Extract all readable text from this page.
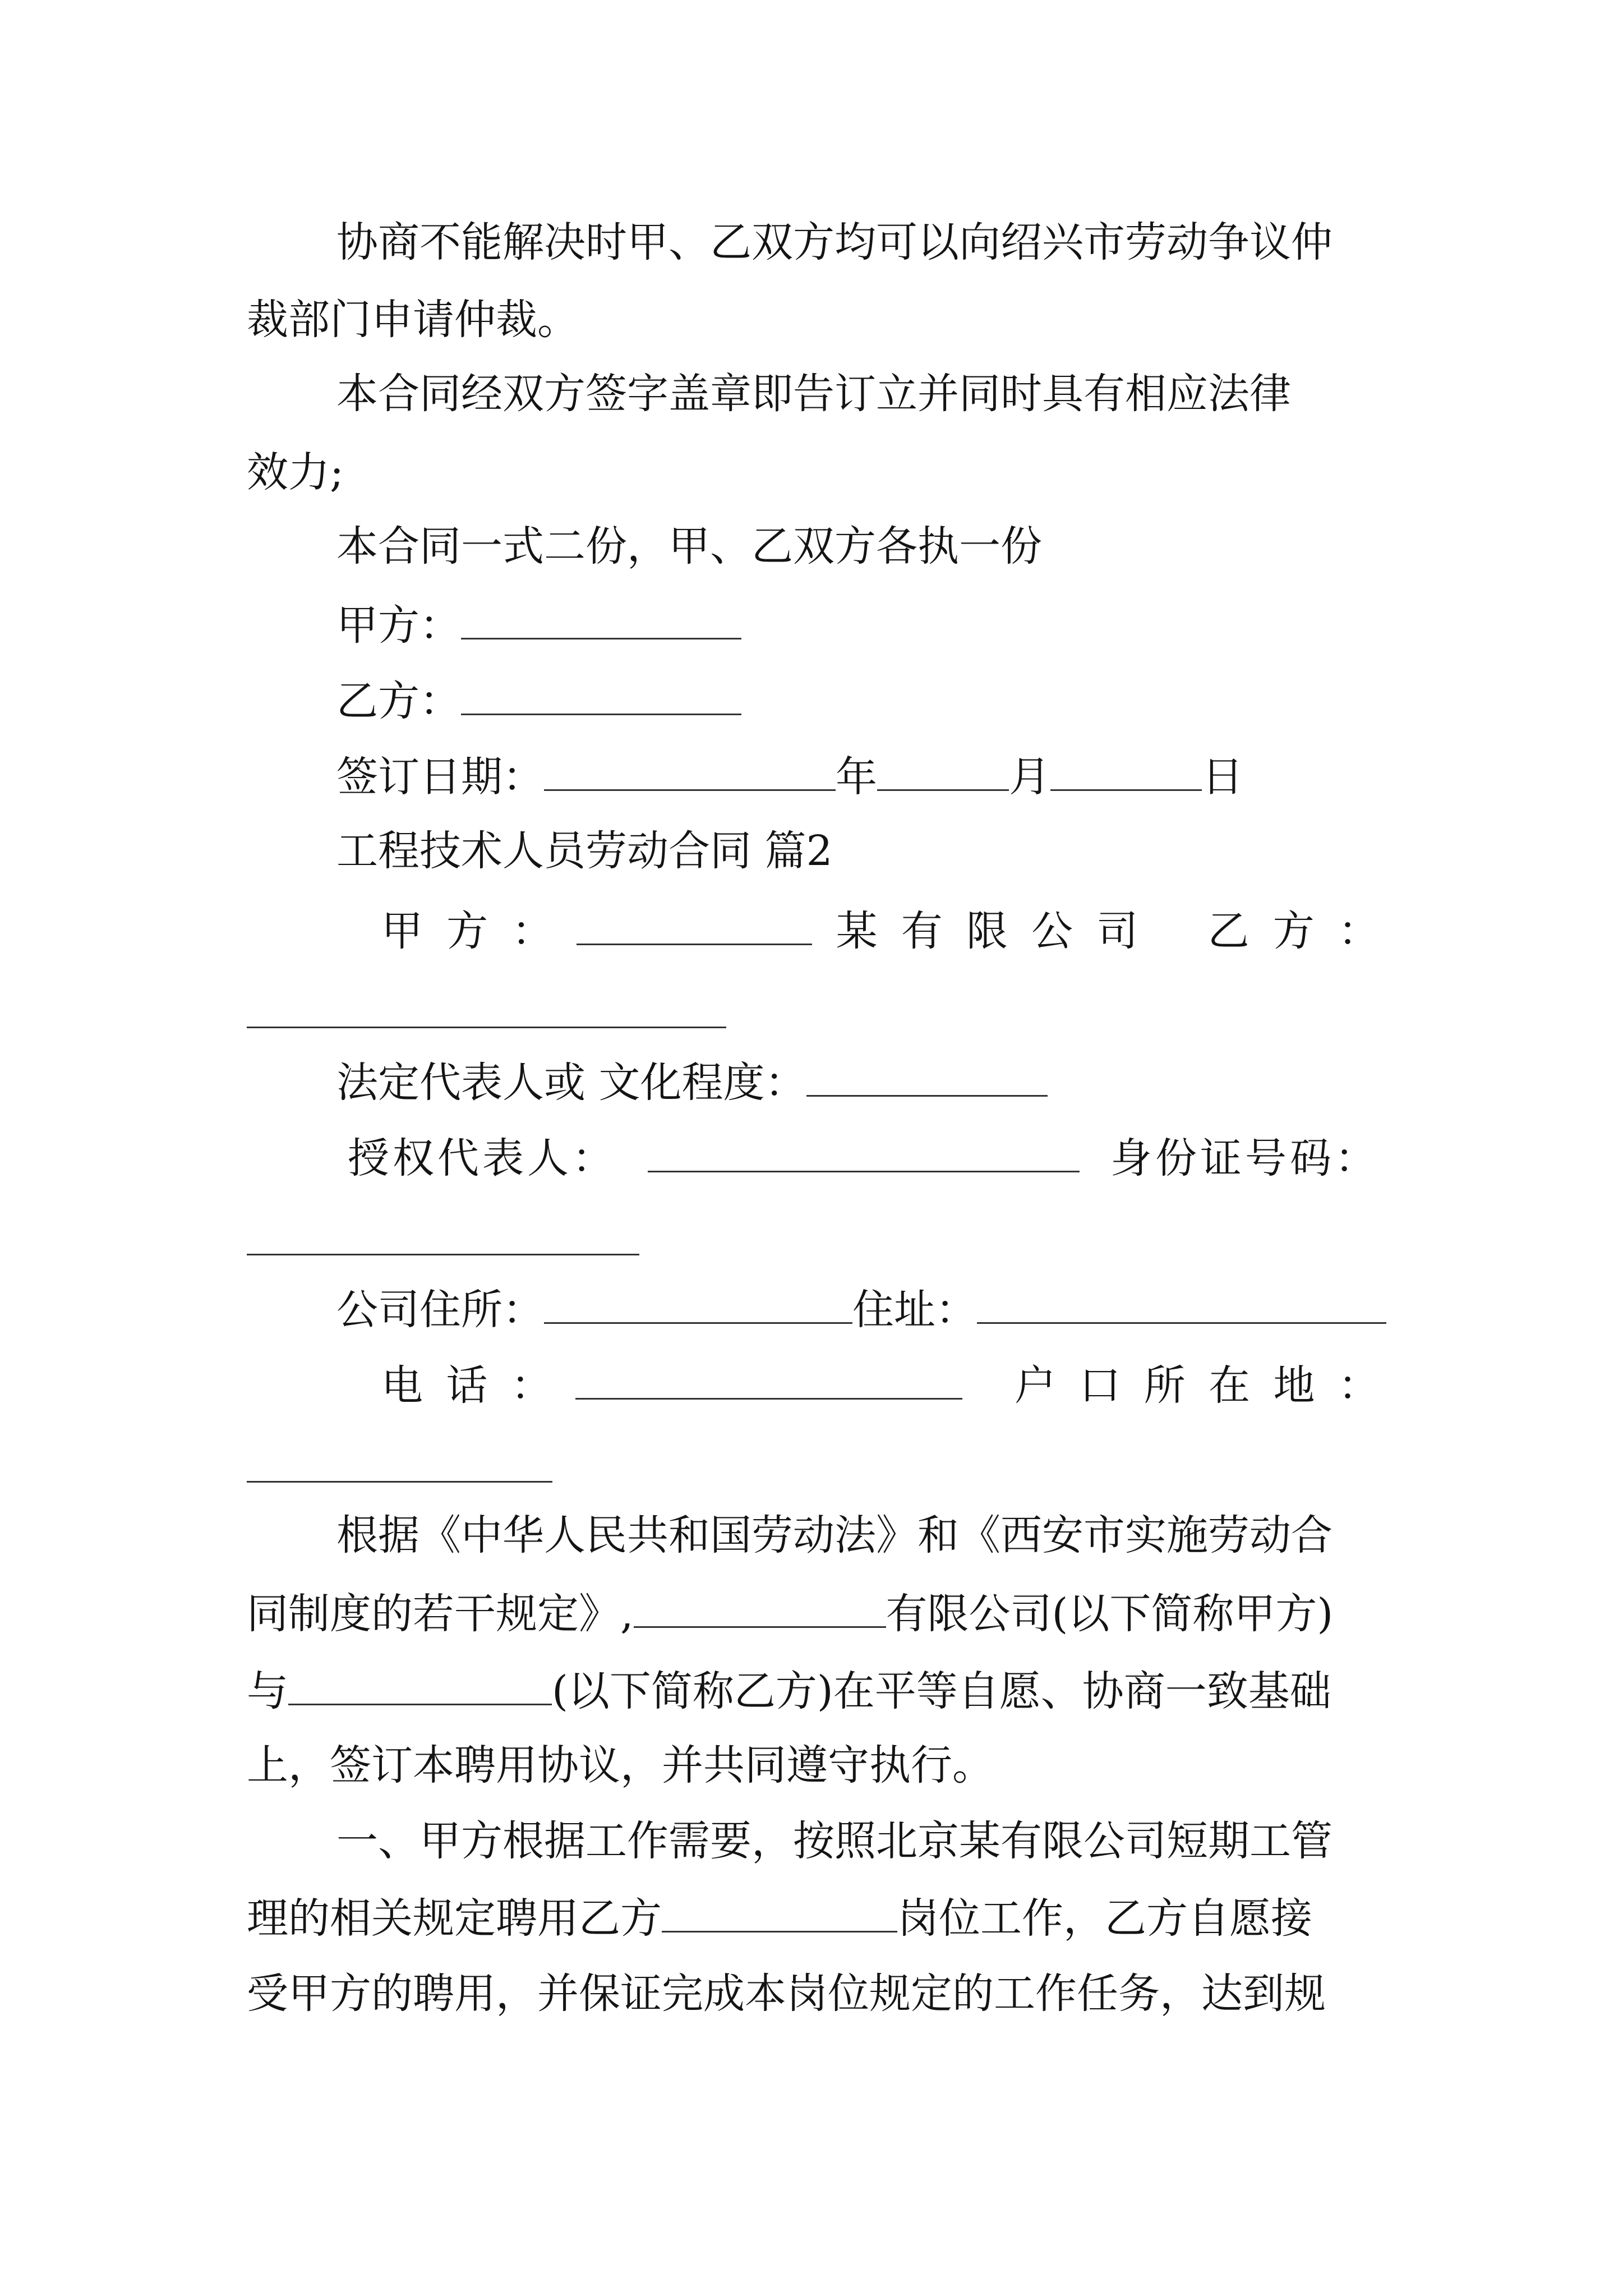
协商不能解决时甲、乙双方均可以向绍兴市劳动争议仲
裁部门申请仲裁。
本合同经双方签字盖章即告订立并同时具有相应法律
效力;
本合同一式二份，甲、乙双方各执一份
甲方：
乙方：
签订日期：	年	月	日
工程技术人员劳动合同 篇2
甲 方 ：	某 有 限 公 司 乙 方 ：
法定代表人或 文化程度：
授权代表人：	身份证号码：
公司住所：	住址：
电 话 ：	户 口 所 在 地 ：
根据《中华人民共和国劳动法》和《西安市实施劳动合
同制度的若干规定》,	有限公司(以下简称甲方)
与	(以下简称乙方)在平等自愿、协商一致基础
上，签订本聘用协议，并共同遵守执行。
一、甲方根据工作需要，按照北京某有限公司短期工管
理的相关规定聘用乙方	岗位工作，乙方自愿接
受甲方的聘用，并保证完成本岗位规定的工作任务，达到规
